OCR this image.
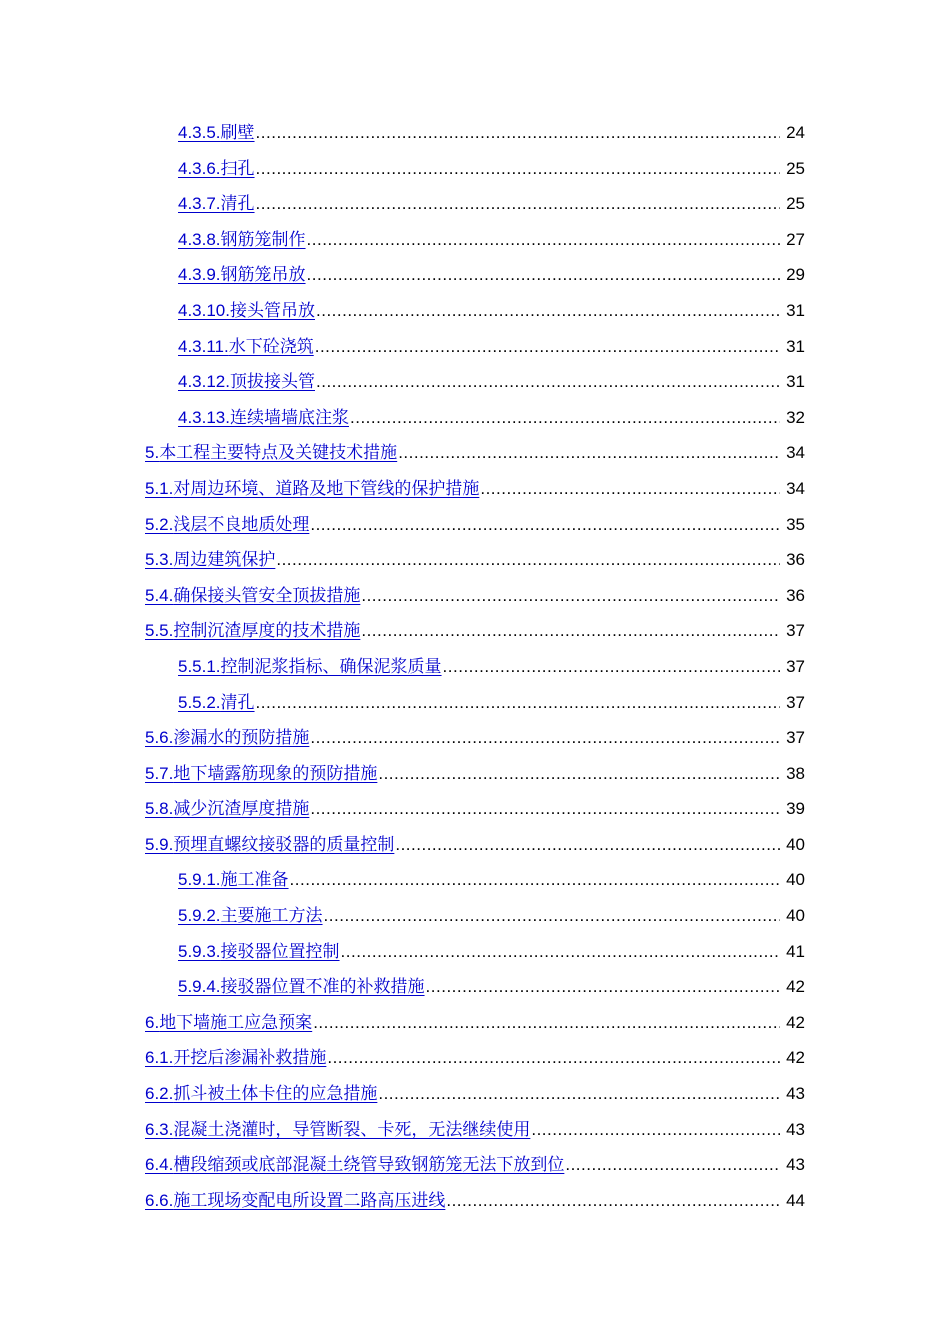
4.3.5. 刷壁 .....	24
4.3.6. 扫孔 .....	25
4.3.7. 清孔 .....	25
4.3.8. 钢筋笼制作 .....	27
4.3.9. 钢筋笼吊放 .....	29
4.3.10. 接头管吊放 .....	31
4.3.11. 水下砼浇筑 .....	31
4.3.12. 顶拔接头管 .....	31
4.3.13. 连续墙墙底注浆 .....	32
5. 本工程主要特点及关键技术措施 .....	34
5.1. 对周边环境、道路及地下管线的保护措施 .....	34
5.2. 浅层不良地质处理 .....	35
5.3. 周边建筑保护 .....	36
5.4. 确保接头管安全顶拔措施 .....	36
5.5. 控制沉渣厚度的技术措施 .....	37
5.5.1. 控制泥浆指标、确保泥浆质量 .....	37
5.5.2. 清孔 .....	37
5.6. 渗漏水的预防措施 .....	37
5.7. 地下墙露筋现象的预防措施 .....	38
5.8. 减少沉渣厚度措施 .....	39
5.9. 预埋直螺纹接驳器的质量控制 .....	40
5.9.1. 施工准备 .....	40
5.9.2. 主要施工方法 .....	40
5.9.3. 接驳器位置控制 .....	41
5.9.4. 接驳器位置不准的补救措施 .....	42
6. 地下墙施工应急预案 .....	42
6.1. 开挖后渗漏补救措施 .....	42
6.2. 抓斗被土体卡住的应急措施 .....	43
6.3. 混凝土浇灌时，导管断裂、卡死，无法继续使用 .....	43
6.4. 槽段缩颈或底部混凝土绕管导致钢筋笼无法下放到位 .....	43
6.6. 施工现场变配电所设置二路高压进线 .....	44
